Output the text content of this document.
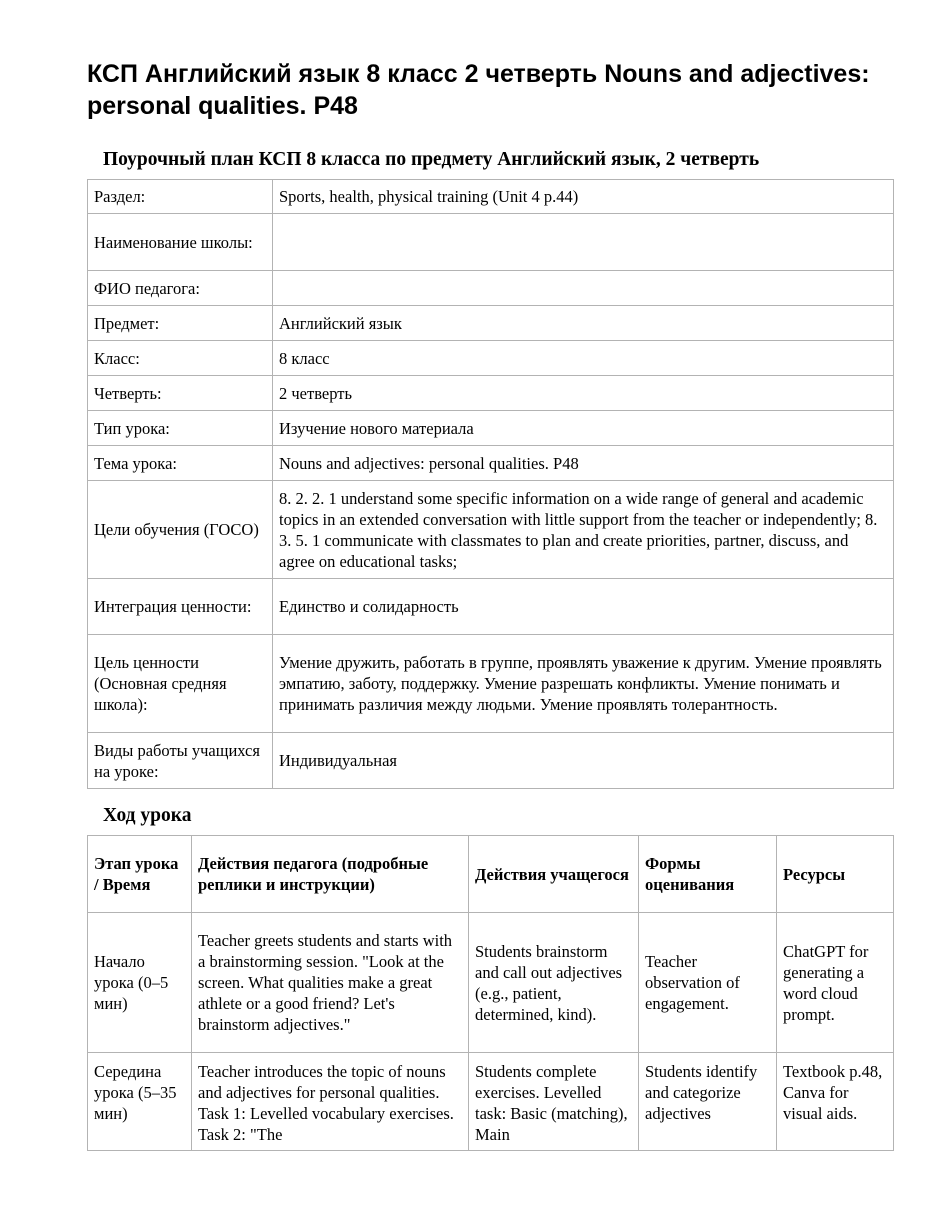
КСП Английский язык 8 класс 2 четверть Nouns and adjectives: personal qualities. P48
Поурочный план КСП 8 класса по предмету Английский язык, 2 четверть
Раздел:	Sports, health, physical training (Unit 4 p.44)
Наименование школы:	
ФИО педагога:	
Предмет:	Английский язык
Класс:	8 класс
Четверть:	2 четверть
Тип урока:	Изучение нового материала
Тема урока:	Nouns and adjectives: personal qualities. P48
Цели обучения (ГОСО)	8. 2. 2. 1 understand some specific information on a wide range of general and academic topics in an extended conversation with little support from the teacher or independently; 8. 3. 5. 1 communicate with classmates to plan and create priorities, partner, discuss, and agree on educational tasks;
Интеграция ценности:	Единство и солидарность
Цель ценности (Основная средняя школа):	Умение дружить, работать в группе, проявлять уважение к другим. Умение проявлять эмпатию, заботу, поддержку. Умение разрешать конфликты. Умение понимать и принимать различия между людьми. Умение проявлять толерантность.
Виды работы учащихся на уроке:	Индивидуальная
Ход урока
Этап урока / Время	Действия педагога (подробные реплики и инструкции)	Действия учащегося	Формы оценивания	Ресурсы
Начало урока (0–5 мин)	Teacher greets students and starts with a brainstorming session. "Look at the screen. What qualities make a great athlete or a good friend? Let's brainstorm adjectives."	Students brainstorm and call out adjectives (e.g., patient, determined, kind).	Teacher observation of engagement.	ChatGPT for generating a word cloud prompt.
Середина урока (5–35 мин)	Teacher introduces the topic of nouns and adjectives for personal qualities. Task 1: Levelled vocabulary exercises. Task 2: "The	Students complete exercises. Levelled task: Basic (matching), Main	Students identify and categorize adjectives	Textbook p.48, Canva for visual aids.
